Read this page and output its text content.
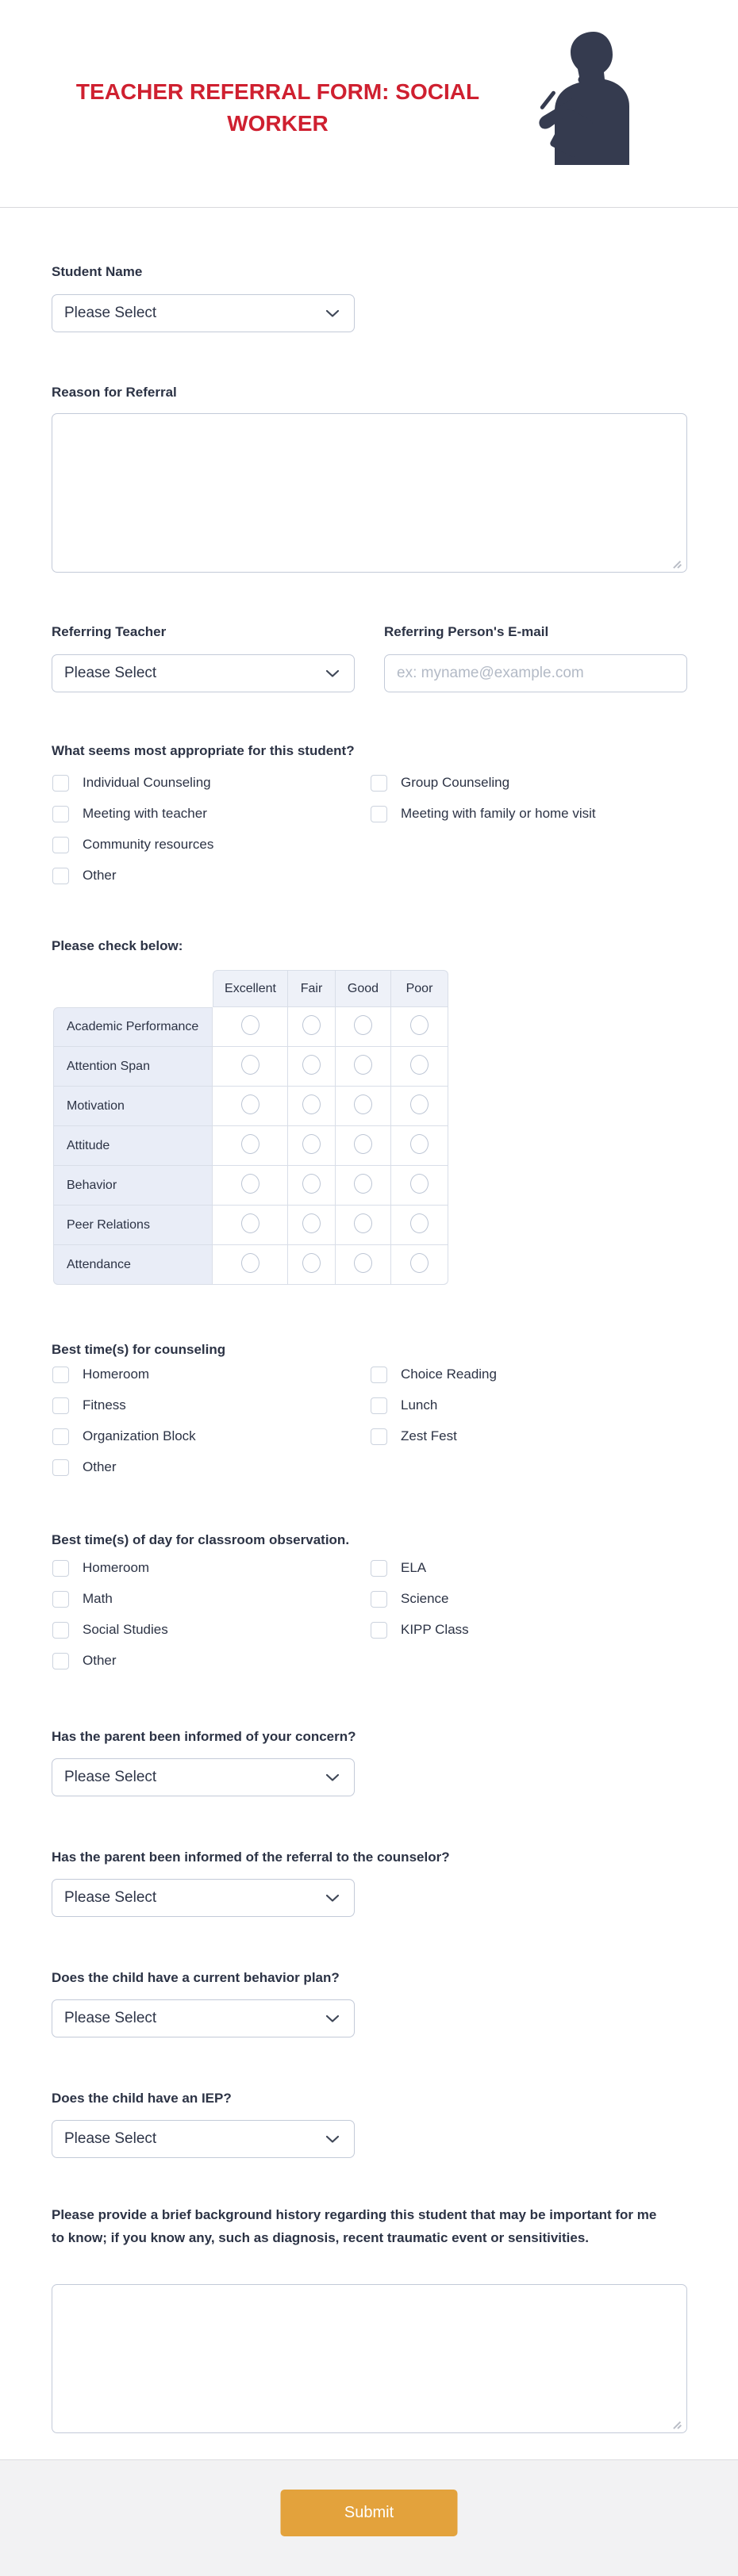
TEACHER REFERRAL FORM: SOCIAL WORKER
Student Name
Please Select
Reason for Referral
Referring Teacher	Referring Person's E-mail
Please Select
ex: myname@example.com
What seems most appropriate for this student?
Individual Counseling	Group Counseling
Meeting with teacher	Meeting with family or home visit
Community resources
Other
Please check below:
	Excellent	Fair	Good	Poor
Academic Performance				
Attention Span				
Motivation				
Attitude				
Behavior				
Peer Relations				
Attendance				
Best time(s) for counseling
Homeroom	Choice Reading
Fitness	Lunch
Organization Block	Zest Fest
Other
Best time(s) of day for classroom observation.
Homeroom	ELA
Math	Science
Social Studies	KIPP Class
Other
Has the parent been informed of your concern?
Please Select
Has the parent been informed of the referral to the counselor?
Please Select
Does the child have a current behavior plan?
Please Select
Does the child have an IEP?
Please Select
Please provide a brief background history regarding this student that may be important for me to know; if you know any, such as diagnosis, recent traumatic event or sensitivities.
Submit
